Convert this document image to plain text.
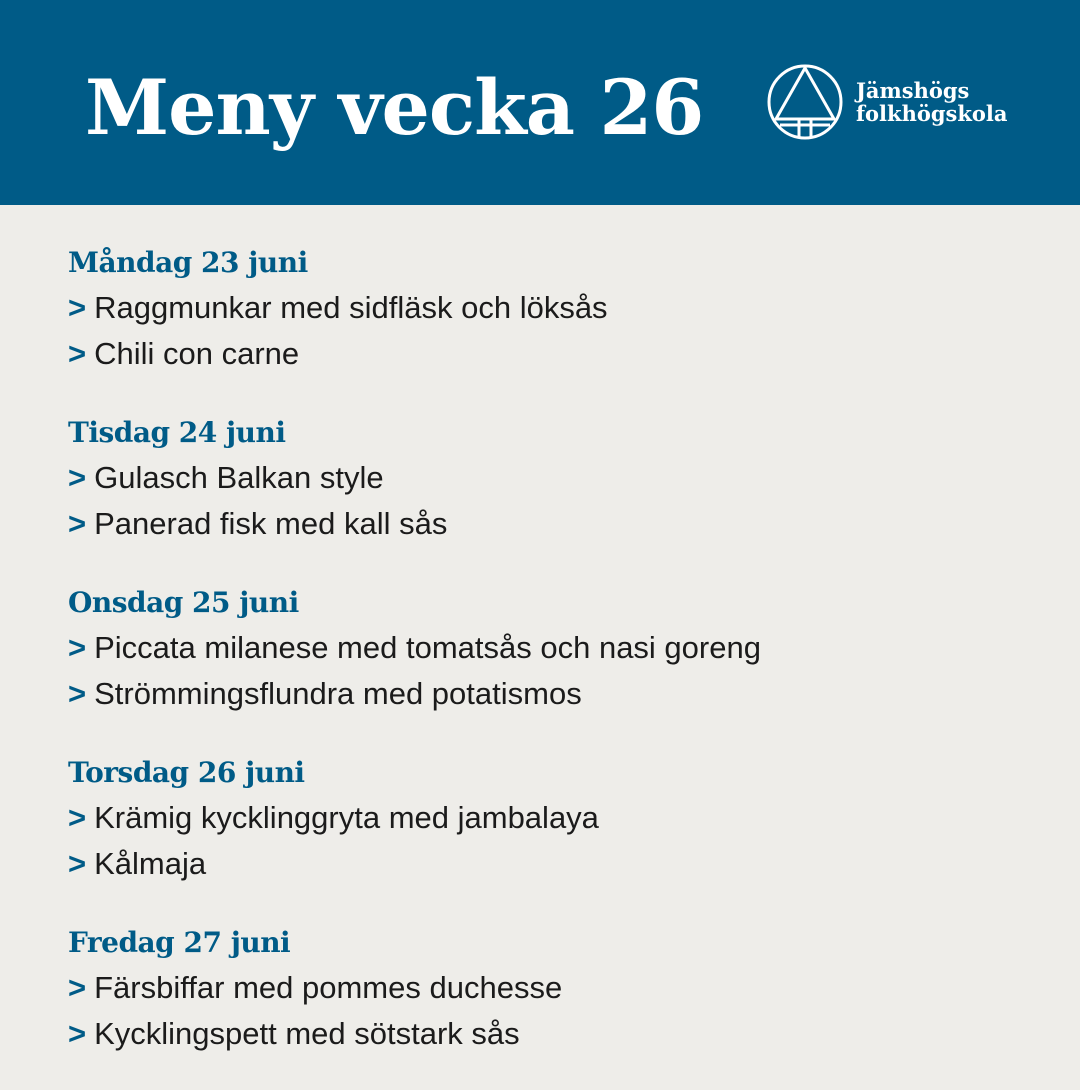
Meny vecka 26	Jämshögs
folkhögskola
Måndag 23 juni
> Raggmunkar med sidfläsk och löksås
> Chili con carne
Tisdag 24 juni
> Gulasch Balkan style
> Panerad fisk med kall sås
Onsdag 25 juni
> Piccata milanese med tomatsås och nasi goreng
> Strömmingsflundra med potatismos
Torsdag 26 juni
> Krämig kycklinggryta med jambalaya
> Kålmaja
Fredag 27 juni
> Färsbiffar med pommes duchesse
> Kycklingspett med sötstark sås
